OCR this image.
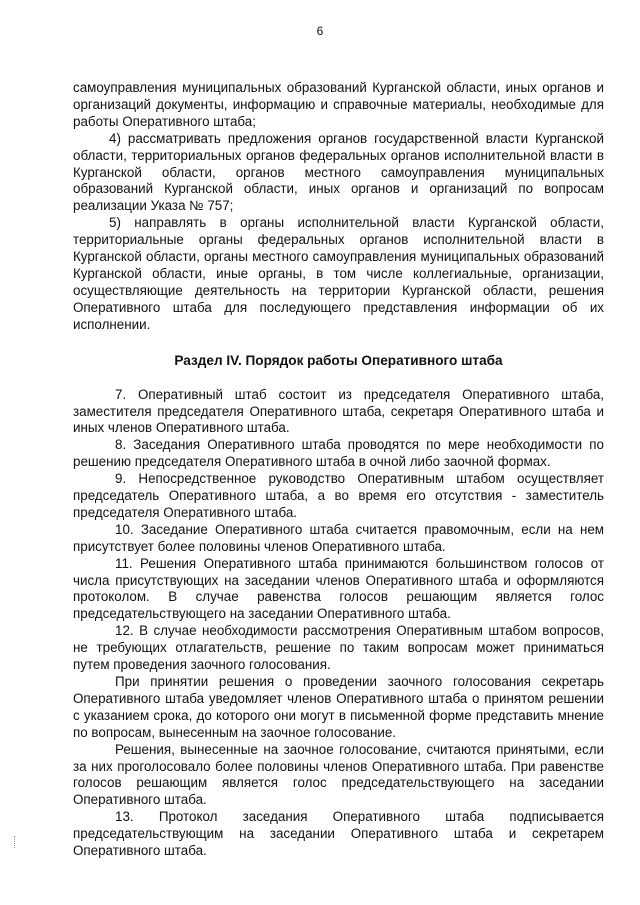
6

самоуправления муниципальных образований Курганской области, иных органов и организаций документы, информацию и справочные материалы, необходимые для работы Оперативного штаба;

4) рассматривать предложения органов государственной власти Курганской области, территориальных органов федеральных органов исполнительной власти в Курганской области, органов местного самоуправления муниципальных образований Курганской области, иных органов и организаций по вопросам реализации Указа № 757;

5) направлять в органы исполнительной власти Курганской области, территориальные органы федеральных органов исполнительной власти в Курганской области, органы местного самоуправления муниципальных образований Курганской области, иные органы, в том числе коллегиальные, организации, осуществляющие деятельность на территории Курганской области, решения Оперативного штаба для последующего представления информации об их исполнении.

Раздел IV. Порядок работы Оперативного штаба

7. Оперативный штаб состоит из председателя Оперативного штаба, заместителя председателя Оперативного штаба, секретаря Оперативного штаба и иных членов Оперативного штаба.

8. Заседания Оперативного штаба проводятся по мере необходимости по решению председателя Оперативного штаба в очной либо заочной формах.

9. Непосредственное руководство Оперативным штабом осуществляет председатель Оперативного штаба, а во время его отсутствия - заместитель председателя Оперативного штаба.

10. Заседание Оперативного штаба считается правомочным, если на нем присутствует более половины членов Оперативного штаба.

11. Решения Оперативного штаба принимаются большинством голосов от числа присутствующих на заседании членов Оперативного штаба и оформляются протоколом. В случае равенства голосов решающим является голос председательствующего на заседании Оперативного штаба.

12. В случае необходимости рассмотрения Оперативным штабом вопросов, не требующих отлагательств, решение по таким вопросам может приниматься путем проведения заочного голосования.

При принятии решения о проведении заочного голосования секретарь Оперативного штаба уведомляет членов Оперативного штаба о принятом решении с указанием срока, до которого они могут в письменной форме представить мнение по вопросам, вынесенным на заочное голосование.

Решения, вынесенные на заочное голосование, считаются принятыми, если за них проголосовало более половины членов Оперативного штаба. При равенстве голосов решающим является голос председательствующего на заседании Оперативного штаба.

13. Протокол заседания Оперативного штаба подписывается председательствующим на заседании Оперативного штаба и секретарем Оперативного штаба.
